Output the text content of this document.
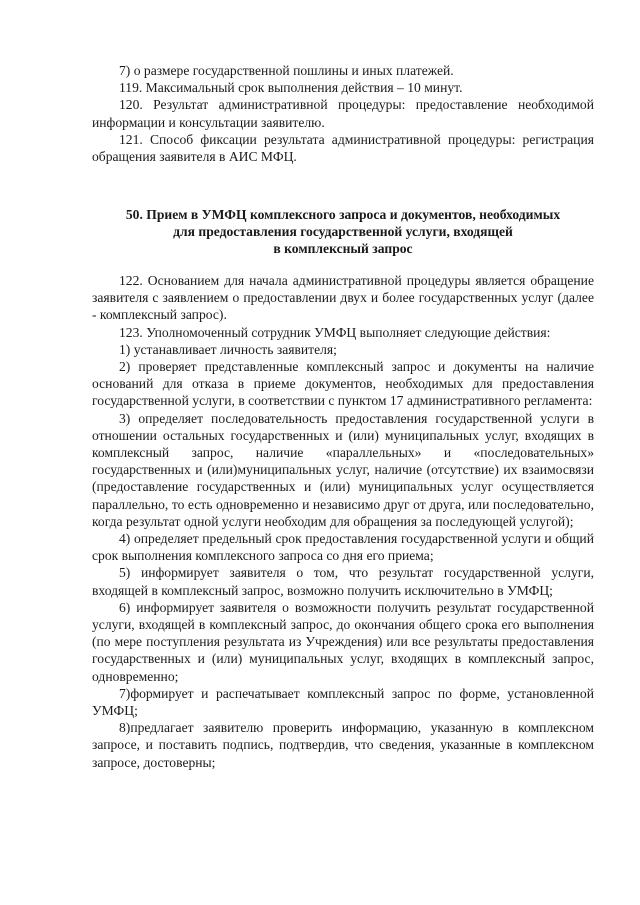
7) о размере государственной пошлины и иных платежей.

119. Максимальный срок выполнения действия – 10 минут.

120. Результат административной процедуры: предоставление необходимой информации и консультации заявителю.

121. Способ фиксации результата административной процедуры: регистрация обращения заявителя в АИС МФЦ.

50. Прием в УМФЦ комплексного запроса и документов, необходимых
для предоставления государственной услуги, входящей
в комплексный запрос

122. Основанием для начала административной процедуры является обращение заявителя с заявлением о предоставлении двух и более государственных услуг (далее - комплексный запрос).

123. Уполномоченный сотрудник УМФЦ выполняет следующие действия:

1) устанавливает личность заявителя;

2) проверяет представленные комплексный запрос и документы на наличие оснований для отказа в приеме документов, необходимых для предоставления государственной услуги, в соответствии с пунктом 17 административного регламента:

3) определяет последовательность предоставления государственной услуги в отношении остальных государственных и (или) муниципальных услуг, входящих в комплексный запрос, наличие «параллельных» и «последовательных» государственных и (или)муниципальных услуг, наличие (отсутствие) их взаимосвязи (предоставление государственных и (или) муниципальных услуг осуществляется параллельно, то есть одновременно и независимо друг от друга, или последовательно, когда результат одной услуги необходим для обращения за последующей услугой);

4) определяет предельный срок предоставления государственной услуги и общий срок выполнения комплексного запроса со дня его приема;

5) информирует заявителя о том, что результат государственной услуги, входящей в комплексный запрос, возможно получить исключительно в УМФЦ;

6) информирует заявителя о возможности получить результат государственной услуги, входящей в комплексный запрос, до окончания общего срока его выполнения (по мере поступления результата из Учреждения) или все результаты предоставления государственных и (или) муниципальных услуг, входящих в комплексный запрос, одновременно;

7)формирует и распечатывает комплексный запрос по форме, установленной УМФЦ;

8)предлагает заявителю проверить информацию, указанную в комплексном запросе, и поставить подпись, подтвердив, что сведения, указанные в комплексном запросе, достоверны;
